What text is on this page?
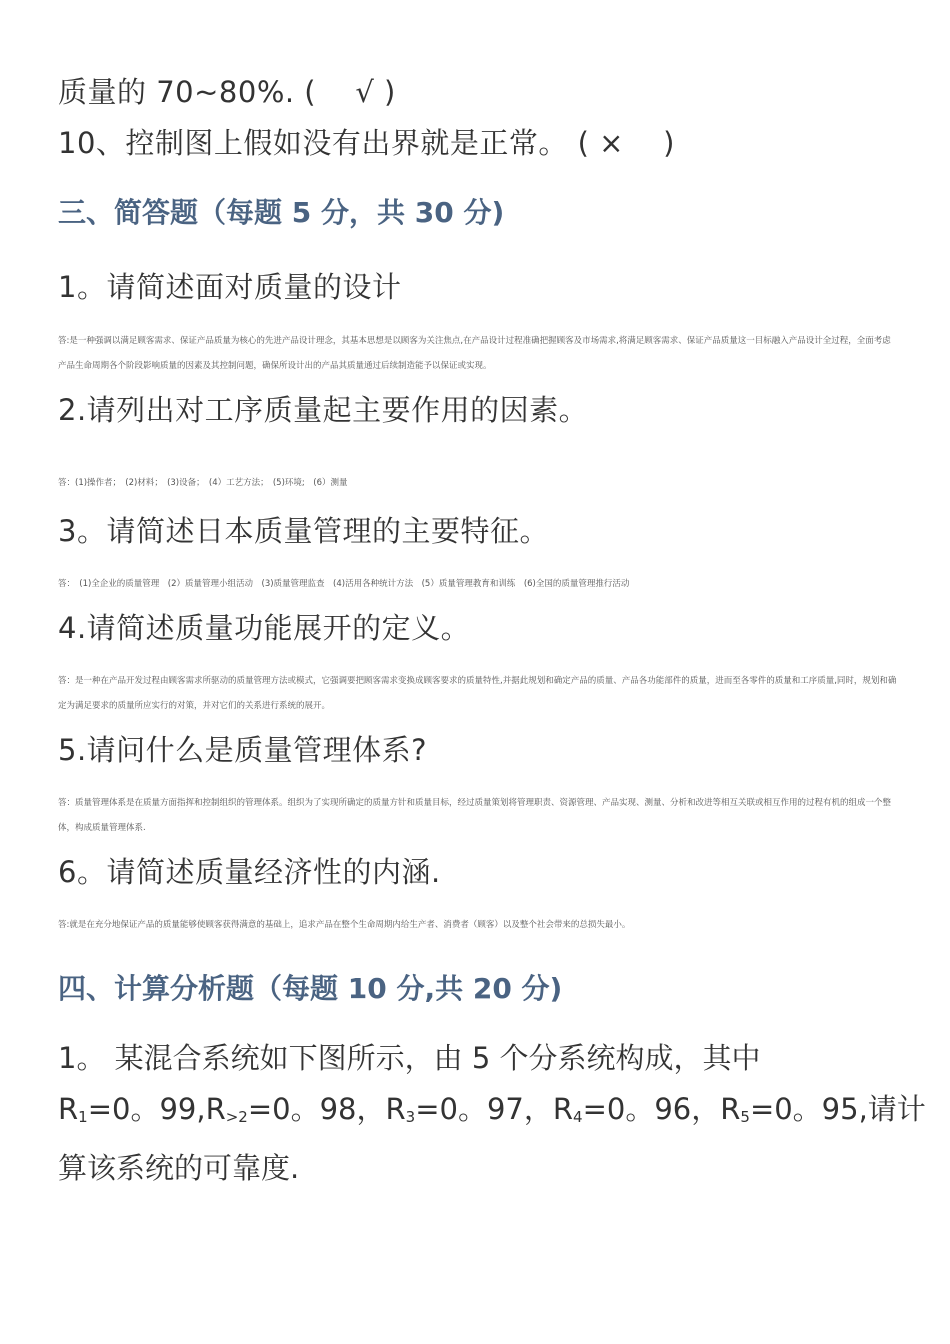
质量的 70~80%. (　 √ )

10、控制图上假如没有出界就是正常。 ( × 　)

三、简答题（每题 5 分，共 30 分)

1。请简述面对质量的设计

答:是一种强调以满足顾客需求、保证产品质量为核心的先进产品设计理念，其基本思想是以顾客为关注焦点,在产品设计过程准确把握顾客及市场需求,将满足顾客需求、保证产品质量这一目标融入产品设计全过程，全面考虑产品生命周期各个阶段影响质量的因素及其控制问题，确保所设计出的产品其质量通过后续制造能予以保证或实现。

2.请列出对工序质量起主要作用的因素。

答：(1)操作者；　(2)材料；　(3)设备；　(4）工艺方法；　(5)环境;　(6）测量

3。请简述日本质量管理的主要特征。

答：　(1)全企业的质量管理　(2）质量管理小组活动　(3)质量管理监查　(4)活用各种统计方法　(5）质量管理教育和训练　(6)全国的质量管理推行活动

4.请简述质量功能展开的定义。

答：是一种在产品开发过程由顾客需求所驱动的质量管理方法或模式，它强调要把顾客需求变换成顾客要求的质量特性,并据此规划和确定产品的质量、产品各功能部件的质量，进而至各零件的质量和工序质量,同时，规划和确定为满足要求的质量所应实行的对策，并对它们的关系进行系统的展开。

5.请问什么是质量管理体系?

答：质量管理体系是在质量方面指挥和控制组织的管理体系。组织为了实现所确定的质量方针和质量目标，经过质量策划将管理职责、资源管理、产品实现、测量、分析和改进等相互关联或相互作用的过程有机的组成一个整体，构成质量管理体系.

6。请简述质量经济性的内涵.

答:就是在充分地保证产品的质量能够使顾客获得满意的基础上，追求产品在整个生命周期内给生产者、消费者（顾客）以及整个社会带来的总损失最小。

四、计算分析题（每题 10 分,共 20 分)
1。 某混合系统如下图所示，由 5 个分系统构成，其中
$R_1=0$。$99,R_{>2}=0$。98，$R_3=0$。97，$R_4=0$。96，$R_5=0$。95,请计
算该系统的可靠度.
